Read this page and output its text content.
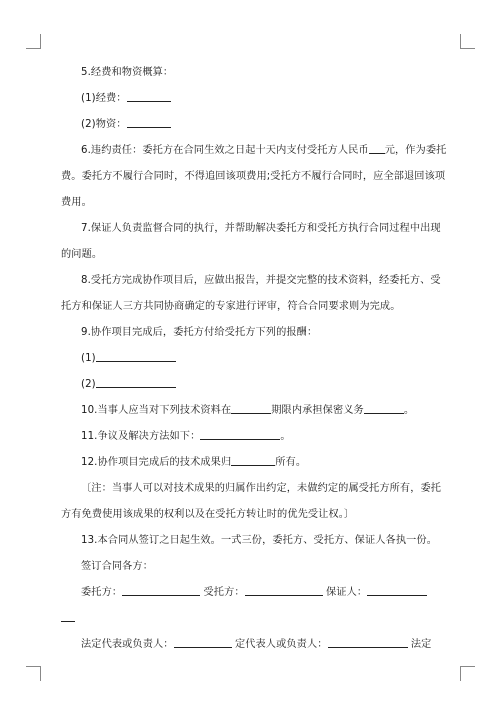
5.经费和物资概算：

(1)经费：

(2)物资：

6.违约责任：委托方在合同生效之日起十天内支付受托方人民币 元，作为委托

费。委托方不履行合同时，不得追回该项费用;受托方不履行合同时，应全部退回该项

费用。

7.保证人负责监督合同的执行，并帮助解决委托方和受托方执行合同过程中出现

的问题。

8.受托方完成协作项目后，应做出报告，并提交完整的技术资料，经委托方、受

托方和保证人三方共同协商确定的专家进行评审，符合合同要求则为完成。

9.协作项目完成后，委托方付给受托方下列的报酬：

(1)

(2)

10.当事人应当对下列技术资料在	期限内承担保密义务	。

11.争议及解决方法如下：	。

12.协作项目完成后的技术成果归	所有。

〔注：当事人可以对技术成果的归属作出约定，未做约定的属受托方所有，委托

方有免费使用该成果的权利以及在受托方转让时的优先受让权。〕

13.本合同从签订之日起生效。一式三份，委托方、受托方、保证人各执一份。

签订合同各方：

委托方：	受托方：	保证人：

法定代表或负责人：	定代表人或负责人：	法定
